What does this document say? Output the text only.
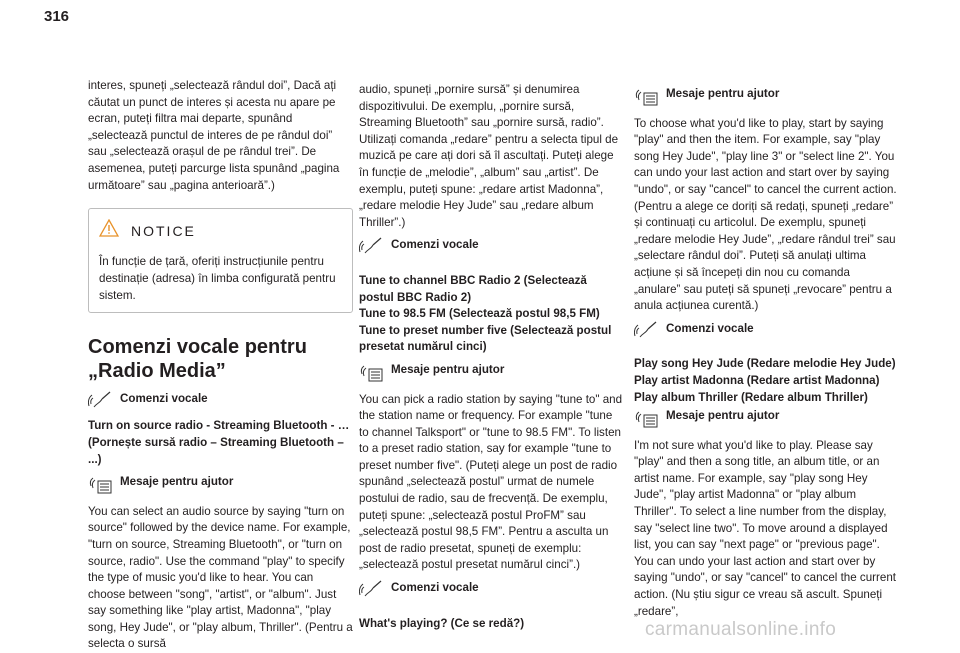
316

interes, spuneți „selectează rândul doi”, Dacă ați căutat un punct de interes și acesta nu apare pe ecran, puteți filtra mai departe, spunând „selectează punctul de interes de pe rândul doi” sau „selectează orașul de pe rândul trei”. De asemenea, puteți parcurge lista spunând „pagina următoare” sau „pagina anterioară”.)

NOTICE

În funcție de țară, oferiți instrucțiunile pentru destinație (adresa) în limba configurată pentru sistem.

Comenzi vocale pentru „Radio Media”
Comenzi vocale

Turn on source radio - Streaming Bluetooth - … (Pornește sursă radio – Streaming Bluetooth – ...)

Mesaje pentru ajutor

You can select an audio source by saying "turn on source" followed by the device name. For example, "turn on source, Streaming Bluetooth", or "turn on source, radio". Use the command "play" to specify the type of music you'd like to hear. You can choose between "song", "artist", or "album". Just say something like "play artist, Madonna", "play song, Hey Jude", or "play album, Thriller". (Pentru a selecta o sursă

audio, spuneți „pornire sursă” și denumirea dispozitivului. De exemplu, „pornire sursă, Streaming Bluetooth” sau „pornire sursă, radio”. Utilizați comanda „redare” pentru a selecta tipul de muzică pe care ați dori să îl ascultați. Puteți alege în funcție de „melodie”, „album” sau „artist”. De exemplu, puteți spune: „redare artist Madonna”, „redare melodie Hey Jude” sau „redare album Thriller”.)

Comenzi vocale

Tune to channel BBC Radio 2 (Selectează postul BBC Radio 2)

Tune to 98.5 FM (Selectează postul 98,5 FM)

Tune to preset number five (Selectează postul presetat numărul cinci)

Mesaje pentru ajutor

You can pick a radio station by saying "tune to" and the station name or frequency. For example "tune to channel Talksport" or "tune to 98.5 FM". To listen to a preset radio station, say for example "tune to preset number five". (Puteți alege un post de radio spunând „selectează postul” urmat de numele postului de radio, sau de frecvență. De exemplu, puteți spune: „selectează postul ProFM” sau „selectează postul 98,5 FM”. Pentru a asculta un post de radio presetat, spuneți de exemplu: „selectează postul presetat numărul cinci”.)

Comenzi vocale

What's playing? (Ce se redă?)

Mesaje pentru ajutor

To choose what you'd like to play, start by saying "play" and then the item. For example, say "play song Hey Jude", "play line 3" or "select line 2". You can undo your last action and start over by saying "undo", or say "cancel" to cancel the current action. (Pentru a alege ce doriți să redați, spuneți „redare” și continuați cu articolul. De exemplu, spuneți „redare melodie Hey Jude”, „redare rândul trei” sau „selectare rândul doi”. Puteți să anulați ultima acțiune și să începeți din nou cu comanda „anulare” sau puteți să spuneți „revocare” pentru a anula acțiunea curentă.)

Comenzi vocale

Play song Hey Jude (Redare melodie Hey Jude)

Play artist Madonna (Redare artist Madonna)

Play album Thriller (Redare album Thriller)

Mesaje pentru ajutor

I'm not sure what you'd like to play. Please say "play" and then a song title, an album title, or an artist name. For example, say "play song Hey Jude", "play artist Madonna" or "play album Thriller". To select a line number from the display, say "select line two". To move around a displayed list, you can say "next page" or "previous page". You can undo your last action and start over by saying "undo", or say "cancel" to cancel the current action. (Nu știu sigur ce vreau să ascult. Spuneți „redare”,

carmanualsonline.info
